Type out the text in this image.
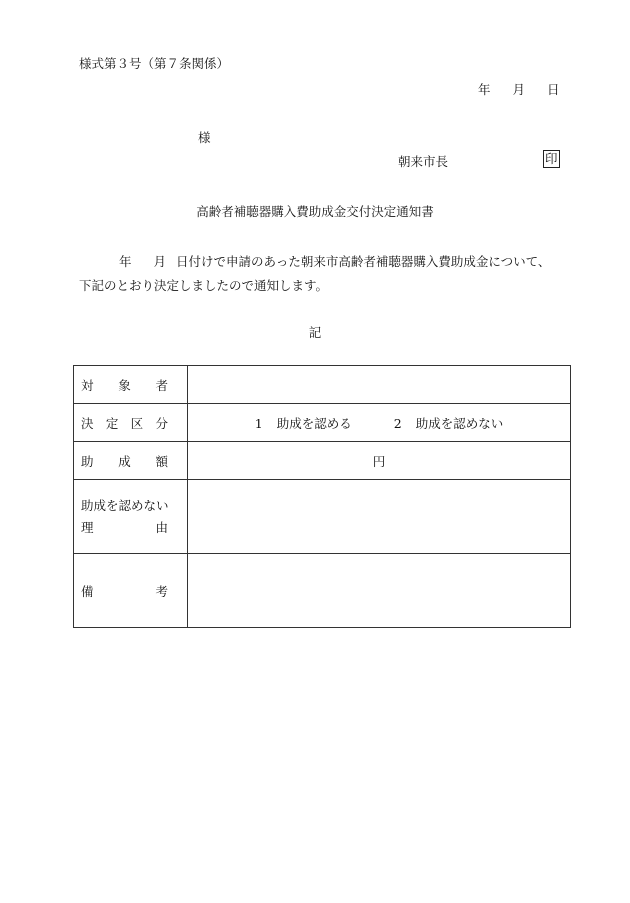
様式第３号（第７条関係）
年 月 日
様
朝来市長	印
高齢者補聴器購入費助成金交付決定通知書
年 月 日付けで申請のあった朝来市高齢者補聴器購入費助成金について、
下記のとおり決定しましたので通知します。
記
対 象 者	

決 定 区 分	1 助成を認める 2 助成を認めない

助 成 額	円

助成を認めない
理 由	

備 考	
